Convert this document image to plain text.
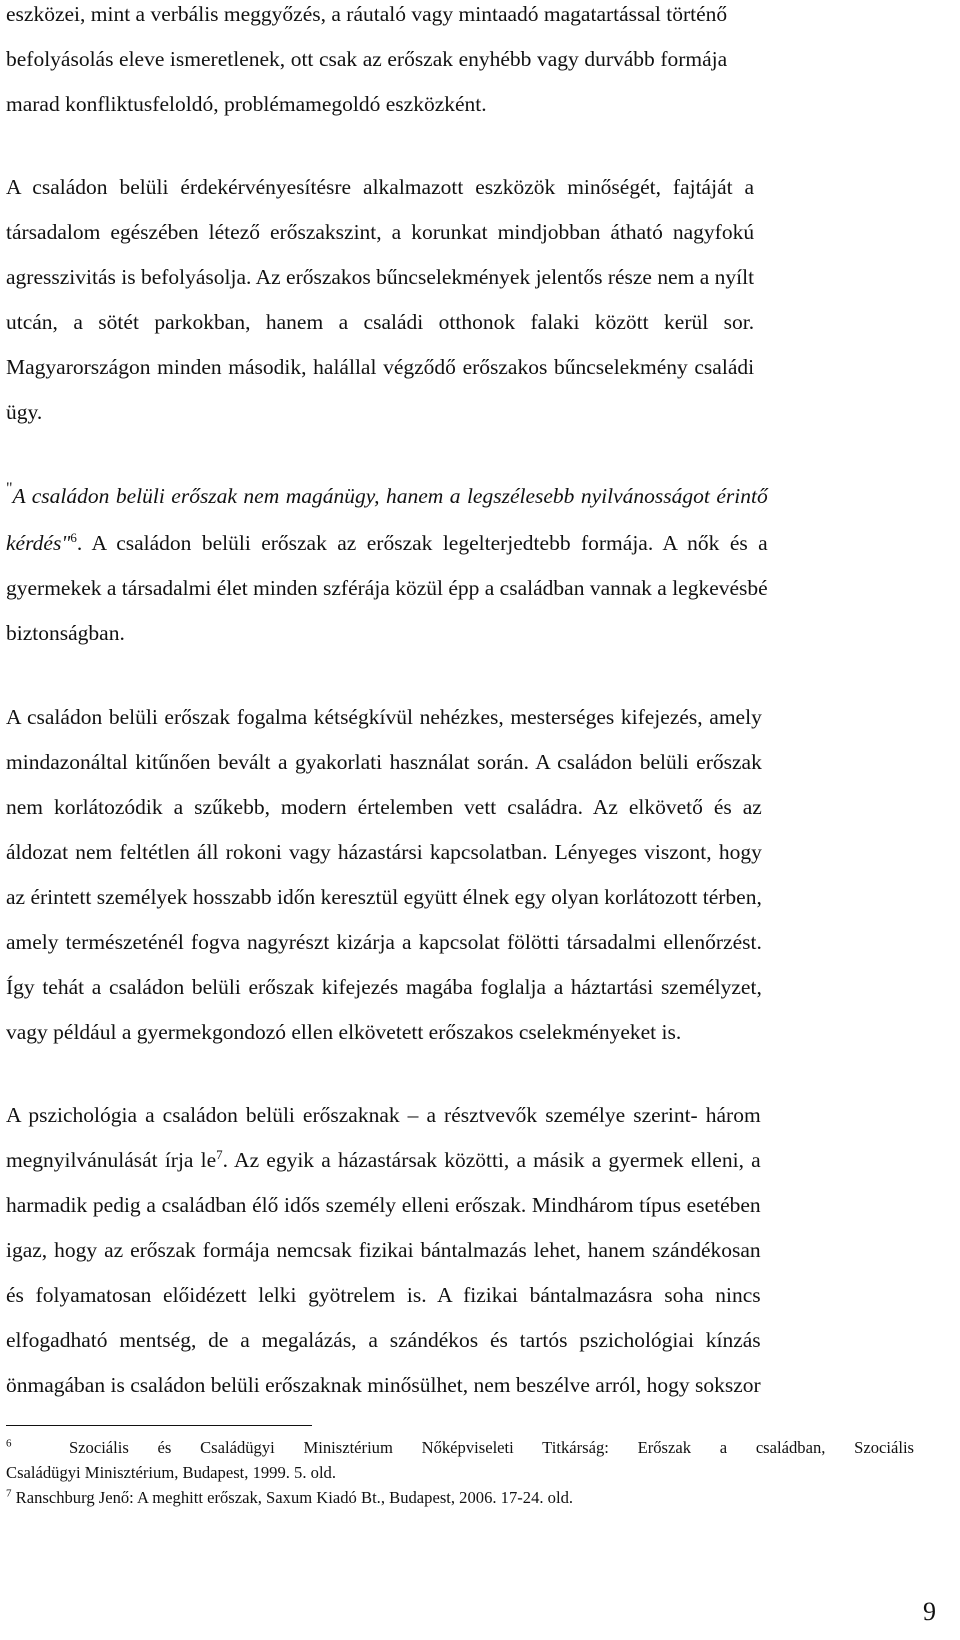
eszközei, mint a verbális meggyőzés, a ráutaló vagy mintaadó magatartással történő
befolyásolás eleve ismeretlenek, ott csak az erőszak enyhébb vagy durvább formája
marad konfliktusfeloldó, problémamegoldó eszközként.
A családon belüli érdekérvényesítésre alkalmazott eszközök minőségét, fajtáját a
társadalom egészében létező erőszakszint, a korunkat mindjobban átható nagyfokú
agresszivitás is befolyásolja. Az erőszakos bűncselekmények jelentős része nem a nyílt
utcán, a sötét parkokban, hanem a családi otthonok falaki között kerül sor.
Magyarországon minden második, halállal végződő erőszakos bűncselekmény családi
ügy.
"A családon belüli erőszak nem magánügy, hanem a legszélesebb nyilvánosságot érintő
kérdés"$^6$. A családon belüli erőszak az erőszak legelterjedtebb formája. A nők és a
gyermekek a társadalmi élet minden szférája közül épp a családban vannak a legkevésbé
biztonságban.
A családon belüli erőszak fogalma kétségkívül nehézkes, mesterséges kifejezés, amely
mindazonáltal kitűnően bevált a gyakorlati használat során. A családon belüli erőszak
nem korlátozódik a szűkebb, modern értelemben vett családra. Az elkövető és az
áldozat nem feltétlen áll rokoni vagy házastársi kapcsolatban. Lényeges viszont, hogy
az érintett személyek hosszabb időn keresztül együtt élnek egy olyan korlátozott térben,
amely természeténél fogva nagyrészt kizárja a kapcsolat fölötti társadalmi ellenőrzést.
Így tehát a családon belüli erőszak kifejezés magába foglalja a háztartási személyzet,
vagy például a gyermekgondozó ellen elkövetett erőszakos cselekményeket is.
A pszichológia a családon belüli erőszaknak – a résztvevők személye szerint- három
megnyilvánulását írja $le^7$. Az egyik a házastársak közötti, a másik a gyermek elleni, a
harmadik pedig a családban élő idős személy elleni erőszak. Mindhárom típus esetében
igaz, hogy az erőszak formája nemcsak fizikai bántalmazás lehet, hanem szándékosan
és folyamatosan előidézett lelki gyötrelem is. A fizikai bántalmazásra soha nincs
elfogadható mentség, de a megalázás, a szándékos és tartós pszichológiai kínzás
önmagában is családon belüli erőszaknak minősülhet, nem beszélve arról, hogy sokszor
$^6$	Szociális és Családügyi Minisztérium Nőképviseleti Titkárság: Erőszak a családban, Szociális
Családügyi Minisztérium, Budapest, 1999. 5. old.
$^7$ Ranschburg Jenő: A meghitt erőszak, Saxum Kiadó Bt., Budapest, 2006. 17-24. old.
9
